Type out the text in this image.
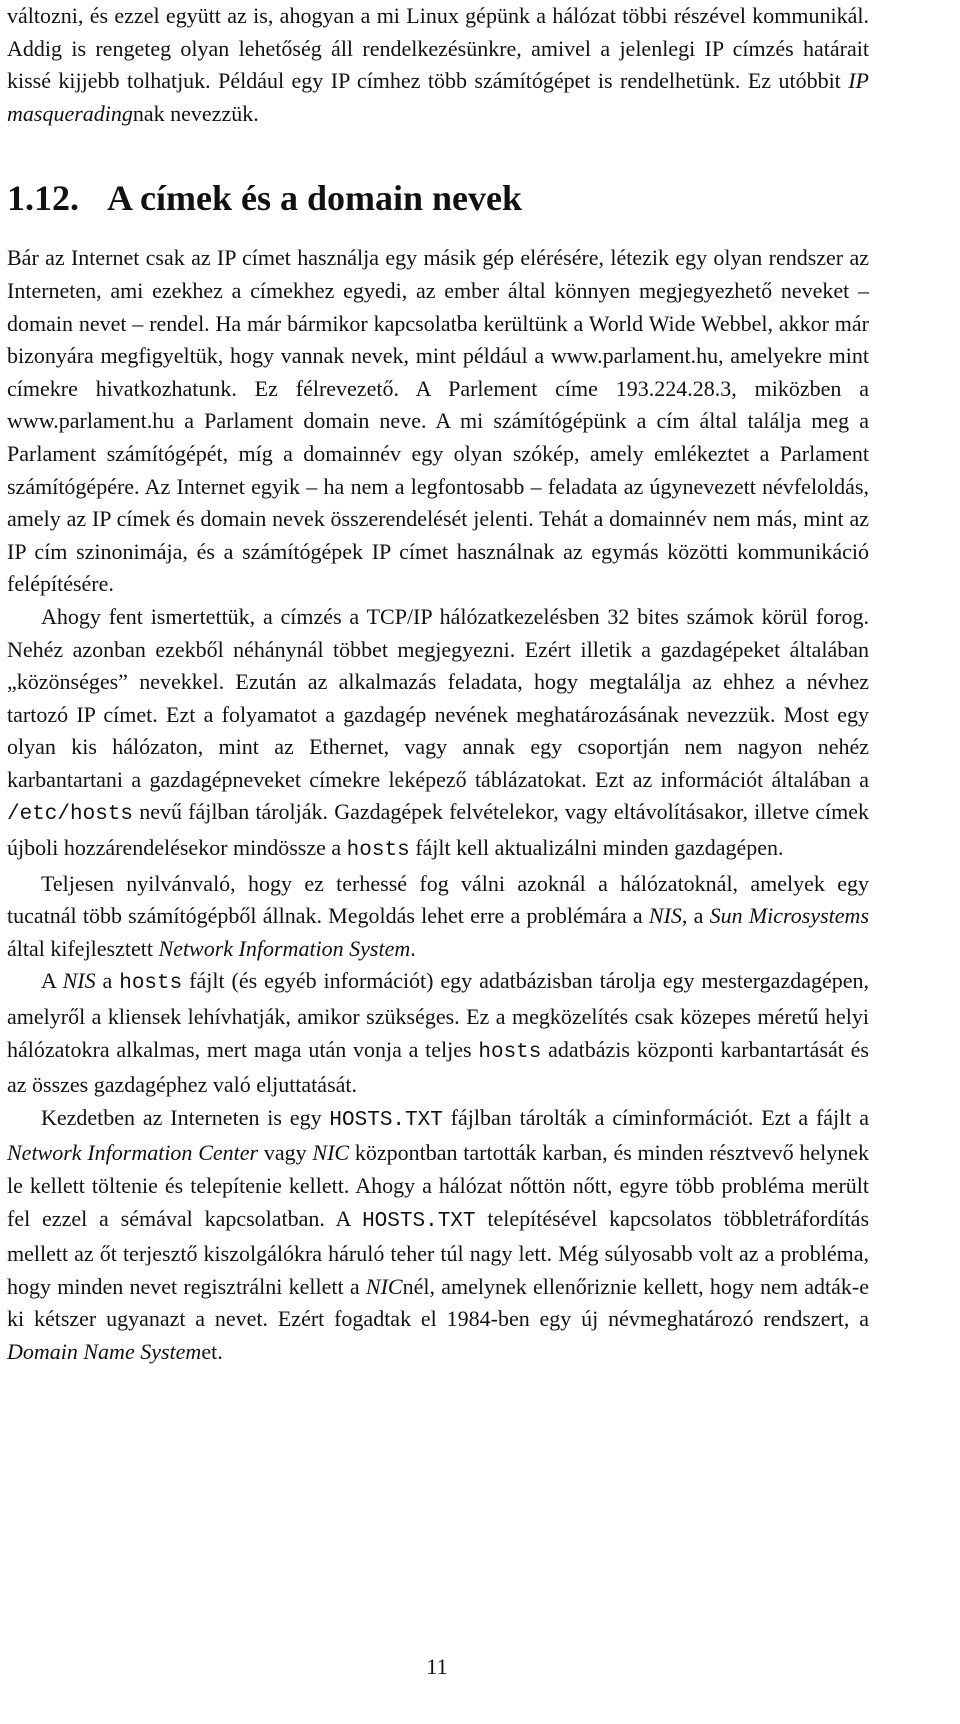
változni, és ezzel együtt az is, ahogyan a mi Linux gépünk a hálózat többi részével kommunikál. Addig is rengeteg olyan lehetőség áll rendelkezésünkre, amivel a jelenlegi IP címzés határait kissé kijjebb tolhatjuk. Például egy IP címhez több számítógépet is rendelhetünk. Ez utóbbit IP masqueradingnak nevezzük.

1.12. A címek és a domain nevek

Bár az Internet csak az IP címet használja egy másik gép elérésére, létezik egy olyan rendszer az Interneten, ami ezekhez a címekhez egyedi, az ember által könnyen megjegyezhető neveket – domain nevet – rendel. Ha már bármikor kapcsolatba kerültünk a World Wide Webbel, akkor már bizonyára megfigyeltük, hogy vannak nevek, mint például a www.parlament.hu, amelyekre mint címekre hivatkozhatunk. Ez félrevezető. A Parlement címe 193.224.28.3, miközben a www.parlament.hu a Parlament domain neve. A mi számítógépünk a cím által találja meg a Parlament számítógépét, míg a domainnév egy olyan szókép, amely emlékeztet a Parlament számítógépére. Az Internet egyik – ha nem a legfontosabb – feladata az úgynevezett névfeloldás, amely az IP címek és domain nevek összerendelését jelenti. Tehát a domainnév nem más, mint az IP cím szinonimája, és a számítógépek IP címet használnak az egymás közötti kommunikáció felépítésére.

Ahogy fent ismertettük, a címzés a TCP/IP hálózatkezelésben 32 bites számok körül forog. Nehéz azonban ezekből néhánynál többet megjegyezni. Ezért illetik a gazdagépeket általában „közönséges” nevekkel. Ezután az alkalmazás feladata, hogy megtalálja az ehhez a névhez tartozó IP címet. Ezt a folyamatot a gazdagép nevének meghatározásának nevezzük. Most egy olyan kis hálózaton, mint az Ethernet, vagy annak egy csoportján nem nagyon nehéz karbantartani a gazdagépneveket címekre leképező táblázatokat. Ezt az információt általában a /etc/hosts nevű fájlban tárolják. Gazdagépek felvételekor, vagy eltávolításakor, illetve címek újboli hozzárendelésekor mindössze a hosts fájlt kell aktualizálni minden gazdagépen.

Teljesen nyilvánvaló, hogy ez terhessé fog válni azoknál a hálózatoknál, amelyek egy tucatnál több számítógépből állnak. Megoldás lehet erre a problémára a NIS, a Sun Microsystems által kifejlesztett Network Information System.

A NIS a hosts fájlt (és egyéb információt) egy adatbázisban tárolja egy mestergazdagépen, amelyről a kliensek lehívhatják, amikor szükséges. Ez a megközelítés csak közepes méretű helyi hálózatokra alkalmas, mert maga után vonja a teljes hosts adatbázis központi karbantartását és az összes gazdagéphez való eljuttatását.

Kezdetben az Interneten is egy HOSTS.TXT fájlban tárolták a címinformációt. Ezt a fájlt a Network Information Center vagy NIC központban tartották karban, és minden résztvevő helynek le kellett töltenie és telepítenie kellett. Ahogy a hálózat nőttön nőtt, egyre több probléma merült fel ezzel a sémával kapcsolatban. A HOSTS.TXT telepítésével kapcsolatos többletráfordítás mellett az őt terjesztő kiszolgálókra háruló teher túl nagy lett. Még súlyosabb volt az a probléma, hogy minden nevet regisztrálni kellett a NICnél, amelynek ellenőriznie kellett, hogy nem adták-e ki kétszer ugyanazt a nevet. Ezért fogadtak el 1984-ben egy új névmeghatározó rendszert, a Domain Name Systemet.

11
